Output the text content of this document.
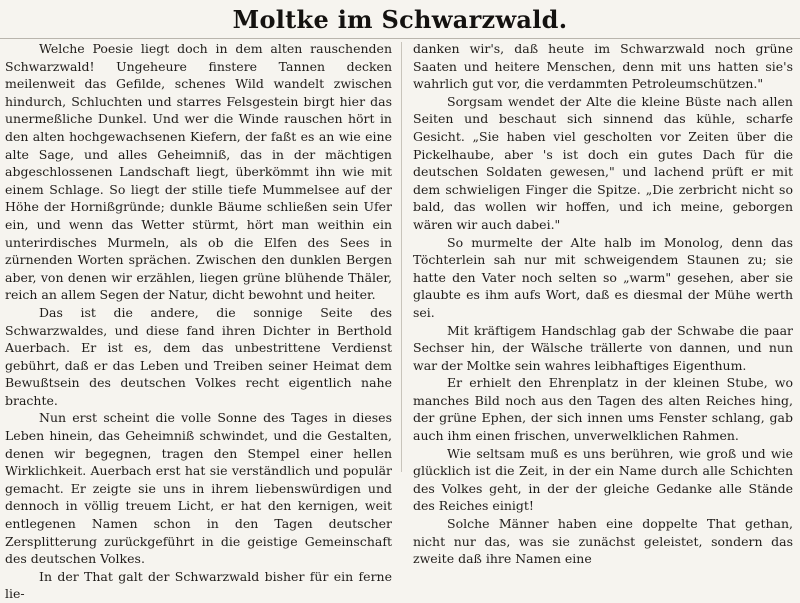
Moltke im Schwarzwald.

Welche Poesie liegt doch in dem alten rauschenden Schwarzwald! Ungeheure finstere Tannen decken meilenweit das Gefilde, schenes Wild wandelt zwischen hindurch, Schluchten und starres Felsgestein birgt hier das unermeßliche Dunkel. Und wer die Winde rauschen hört in den alten hochgewachsenen Kiefern, der faßt es an wie eine alte Sage, und alles Geheimniß, das in der mächtigen abgeschlossenen Landschaft liegt, überkömmt ihn wie mit einem Schlage. So liegt der stille tiefe Mummelsee auf der Höhe der Hornißgründe; dunkle Bäume schließen sein Ufer ein, und wenn das Wetter stürmt, hört man weithin ein unterirdisches Murmeln, als ob die Elfen des Sees in zürnenden Worten sprächen. Zwischen den dunklen Bergen aber, von denen wir erzählen, liegen grüne blühende Thäler, reich an allem Segen der Natur, dicht bewohnt und heiter.

Das ist die andere, die sonnige Seite des Schwarzwaldes, und diese fand ihren Dichter in Berthold Auerbach. Er ist es, dem das unbestrittene Verdienst gebührt, daß er das Leben und Treiben seiner Heimat dem Bewußtsein des deutschen Volkes recht eigentlich nahe brachte.

Nun erst scheint die volle Sonne des Tages in dieses Leben hinein, das Geheimniß schwindet, und die Gestalten, denen wir begegnen, tragen den Stempel einer hellen Wirklichkeit. Auerbach erst hat sie verständlich und populär gemacht. Er zeigte sie uns in ihrem liebenswürdigen und dennoch in völlig treuem Licht, er hat den kernigen, weit entlegenen Namen schon in den Tagen deutscher Zersplitterung zurückgeführt in die geistige Gemeinschaft des deutschen Volkes.

In der That galt der Schwarzwald bisher für ein ferne lie-

danken wir's, daß heute im Schwarzwald noch grüne Saaten und heitere Menschen, denn mit uns hatten sie's wahrlich gut vor, die verdammten Petroleumschützen."

Sorgsam wendet der Alte die kleine Büste nach allen Seiten und beschaut sich sinnend das kühle, scharfe Gesicht. „Sie haben viel gescholten vor Zeiten über die Pickelhaube, aber 's ist doch ein gutes Dach für die deutschen Soldaten gewesen," und lachend prüft er mit dem schwieligen Finger die Spitze. „Die zerbricht nicht so bald, das wollen wir hoffen, und ich meine, geborgen wären wir auch dabei."

So murmelte der Alte halb im Monolog, denn das Töchterlein sah nur mit schweigendem Staunen zu; sie hatte den Vater noch selten so „warm" gesehen, aber sie glaubte es ihm aufs Wort, daß es diesmal der Mühe werth sei.

Mit kräftigem Handschlag gab der Schwabe die paar Sechser hin, der Wälsche trällerte von dannen, und nun war der Moltke sein wahres leibhaftiges Eigenthum.

Er erhielt den Ehrenplatz in der kleinen Stube, wo manches Bild noch aus den Tagen des alten Reiches hing, der grüne Ephen, der sich innen ums Fenster schlang, gab auch ihm einen frischen, unverwelklichen Rahmen.

Wie seltsam muß es uns berühren, wie groß und wie glücklich ist die Zeit, in der ein Name durch alle Schichten des Volkes geht, in der der gleiche Gedanke alle Stände des Reiches einigt!

Solche Männer haben eine doppelte That gethan, nicht nur das, was sie zunächst geleistet, sondern das zweite daß ihre Namen eine
